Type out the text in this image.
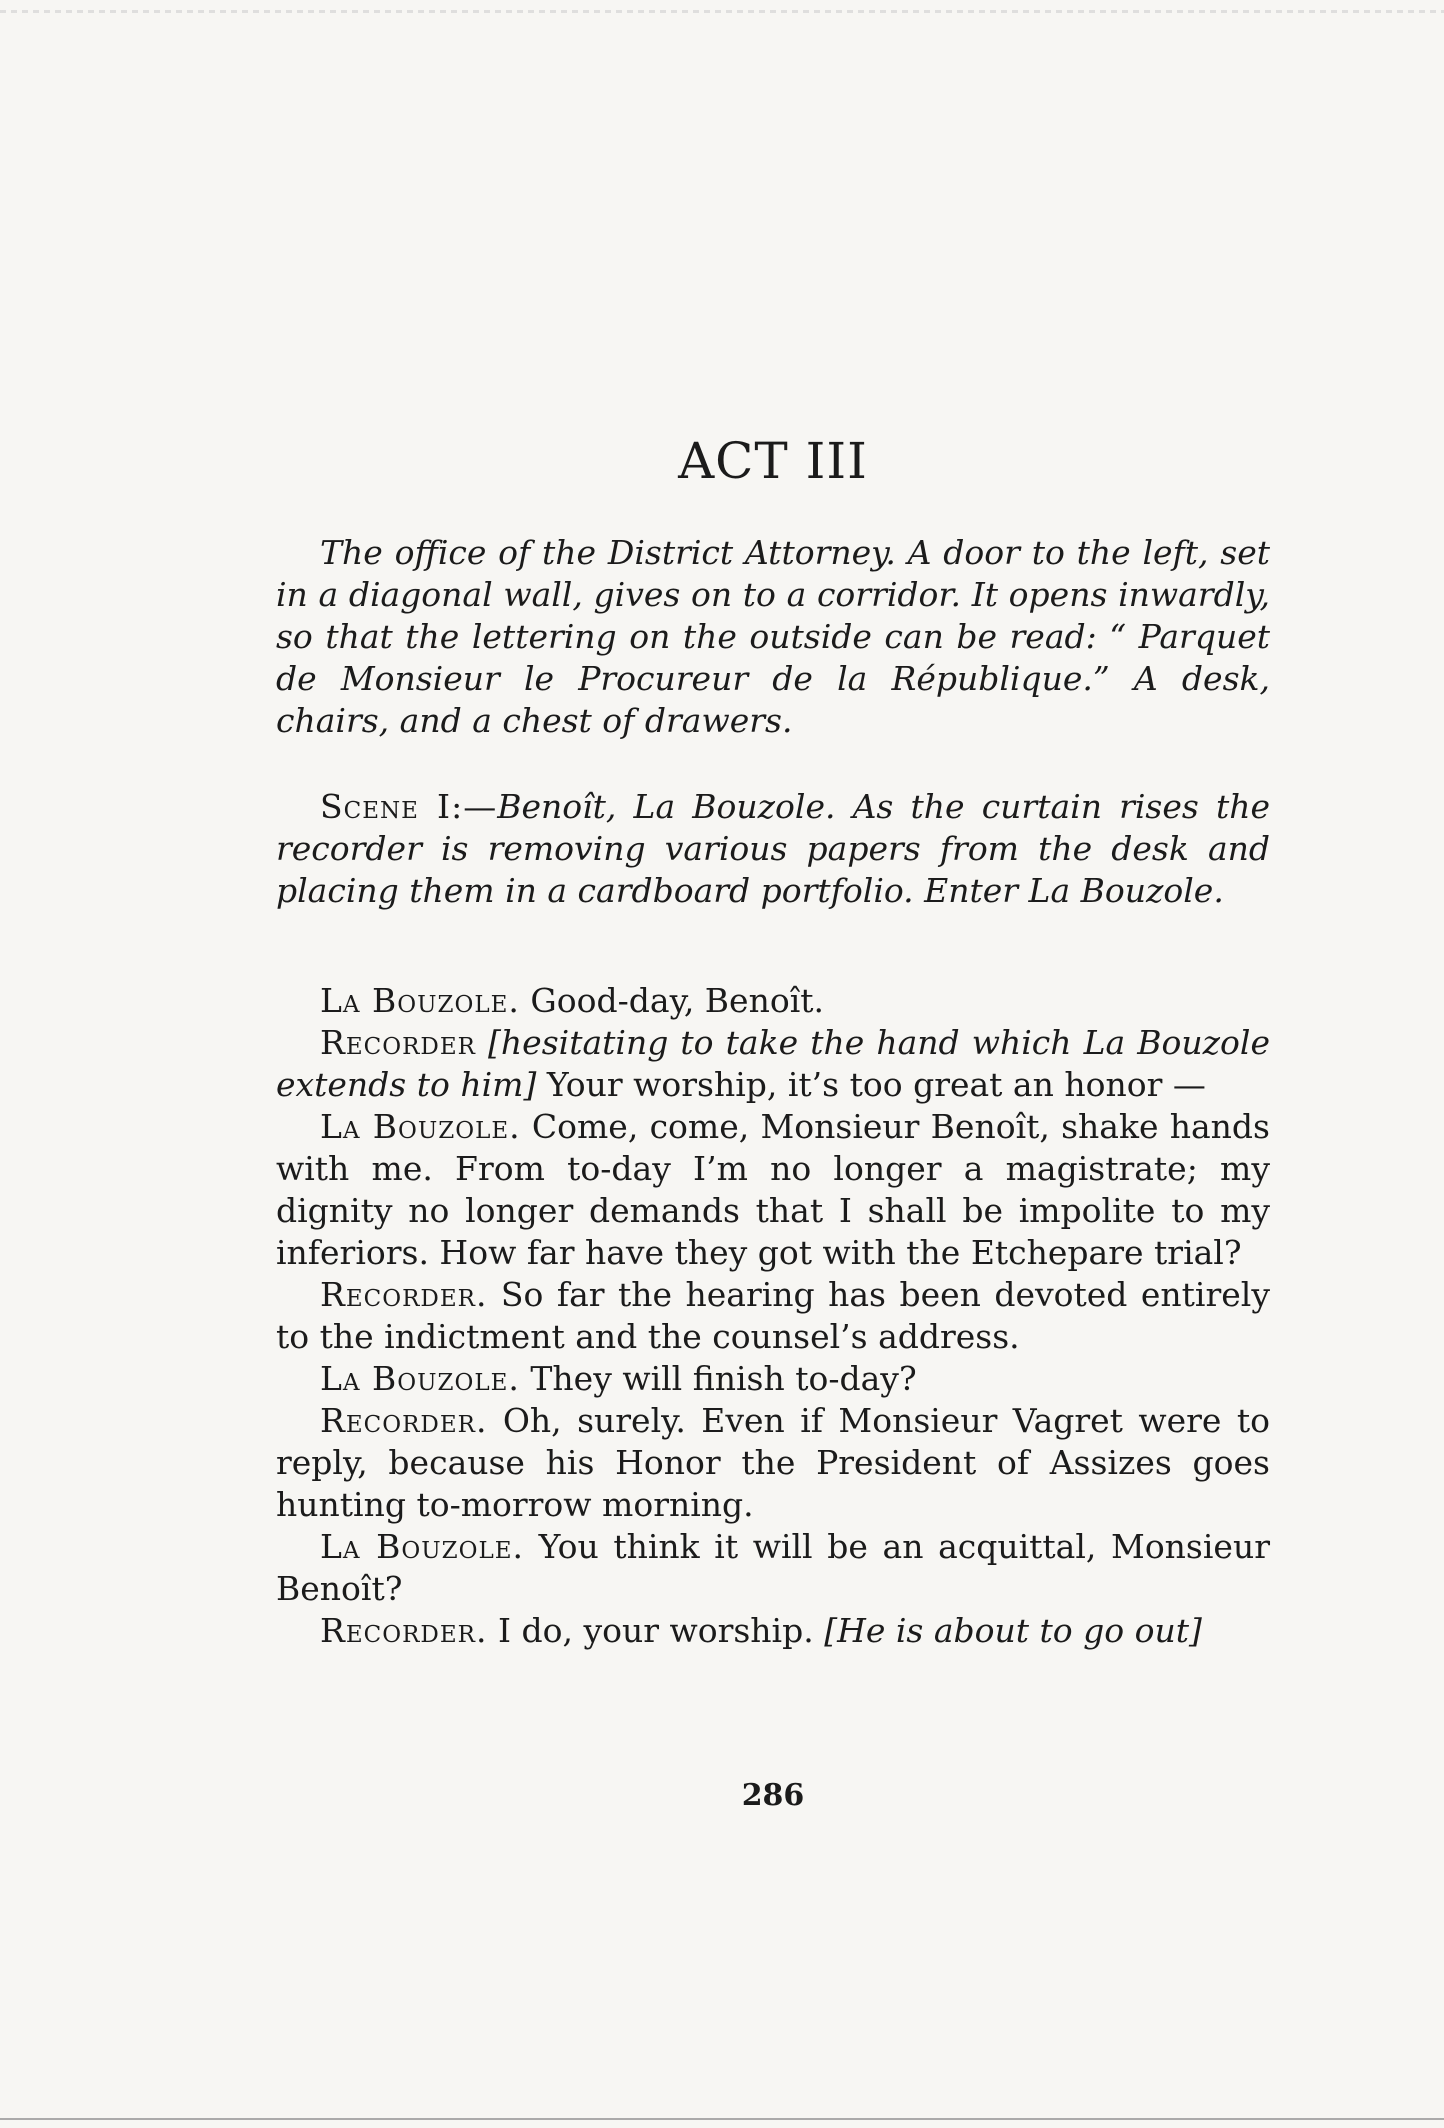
ACT III

The office of the District Attorney. A door to the left, set in a diagonal wall, gives on to a corridor. It opens inwardly, so that the lettering on the outside can be read: “ Parquet de Monsieur le Procureur de la République.” A desk, chairs, and a chest of drawers.

Scene I:—Benoît, La Bouzole. As the curtain rises the recorder is removing various papers from the desk and placing them in a cardboard portfolio. Enter La Bouzole.

La Bouzole. Good-day, Benoît.

Recorder [hesitating to take the hand which La Bouzole extends to him] Your worship, it’s too great an honor —

La Bouzole. Come, come, Monsieur Benoît, shake hands with me. From to-day I’m no longer a magistrate; my dignity no longer demands that I shall be impolite to my inferiors. How far have they got with the Etchepare trial?

Recorder. So far the hearing has been devoted entirely to the indictment and the counsel’s address.

La Bouzole. They will finish to-day?

Recorder. Oh, surely. Even if Monsieur Vagret were to reply, because his Honor the President of Assizes goes hunting to-morrow morning.

La Bouzole. You think it will be an acquittal, Monsieur Benoît?

Recorder. I do, your worship. [He is about to go out]

286
